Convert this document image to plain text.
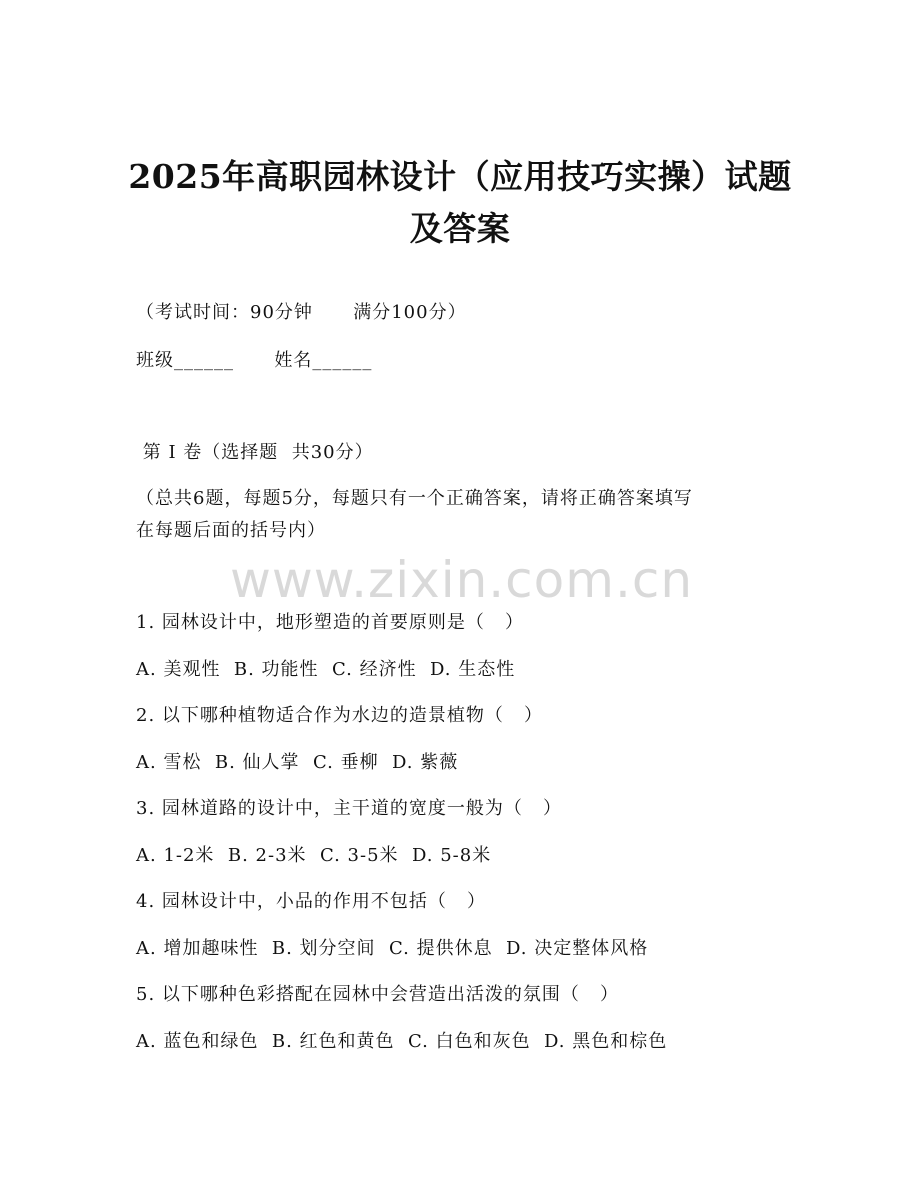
2025年高职园林设计（应用技巧实操）试题
及答案
（考试时间：90分钟      满分100分）
班级______      姓名______
第 I 卷（选择题  共30分）
（总共6题，每题5分，每题只有一个正确答案，请将正确答案填写
在每题后面的括号内）
www.zixin.com.cn
1. 园林设计中，地形塑造的首要原则是（   ）
A. 美观性  B. 功能性  C. 经济性  D. 生态性
2. 以下哪种植物适合作为水边的造景植物（   ）
A. 雪松  B. 仙人掌  C. 垂柳  D. 紫薇
3. 园林道路的设计中，主干道的宽度一般为（   ）
A. 1-2米  B. 2-3米  C. 3-5米  D. 5-8米
4. 园林设计中，小品的作用不包括（   ）
A. 增加趣味性  B. 划分空间  C. 提供休息  D. 决定整体风格
5. 以下哪种色彩搭配在园林中会营造出活泼的氛围（   ）
A. 蓝色和绿色  B. 红色和黄色  C. 白色和灰色  D. 黑色和棕色
